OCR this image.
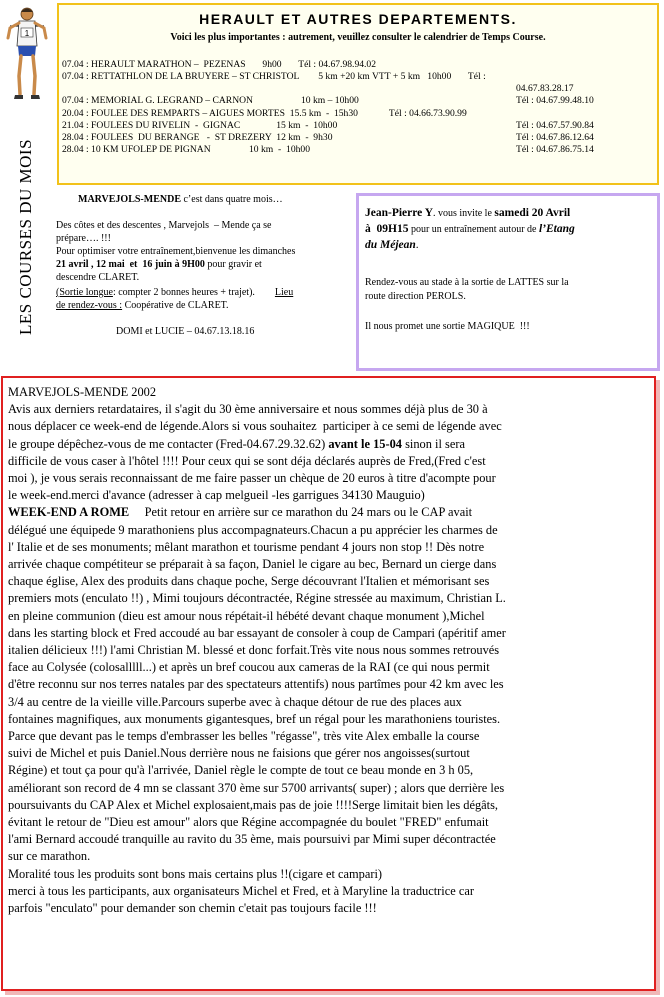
1
LES COURSES DU MOIS
HERAULT ET AUTRES DEPARTEMENTS.
Voici les plus importantes : autrement, veuillez consulter le calendrier de Temps Course.
07.04 : HERAULT MARATHON –  PEZENAS       9h00       Tél : 04.67.98.94.02
07.04 : RETTATHLON DE LA BRUYERE – ST CHRISTOL        5 km +20 km VTT + 5 km   10h00       Tél :
04.67.83.28.17
07.04 : MEMORIAL G. LEGRAND – CARNON                    10 km – 10h00	Tél : 04.67.99.48.10
20.04 : FOULEE DES REMPARTS – AIGUES MORTES  15.5 km  -  15h30             Tél : 04.66.73.90.99
21.04 : FOULEES DU RIVELIN  -  GIGNAC               15 km  -  10h00	Tél : 04.67.57.90.84
28.04 : FOULEES  DU BERANGE   -  ST DREZERY  12 km  -  9h30	Tél : 04.67.86.12.64
28.04 : 10 KM UFOLEP DE PIGNAN                10 km  -  10h00	Tél : 04.67.86.75.14
MARVEJOLS-MENDE c’est dans quatre mois…
Des côtes et des descentes , Marvejols  – Mende ça se
prépare…. !!!
Pour optimiser votre entraînement,bienvenue les dimanches
21 avril , 12 mai  et  16 juin à 9H00 pour gravir et
descendre CLARET.
(Sortie longue: compter 2 bonnes heures + trajet).        Lieu
de rendez-vous : Coopérative de CLARET.
DOMI et LUCIE – 04.67.13.18.16
Jean-Pierre Y. vous invite le samedi 20 Avril
à  09H15 pour un entraînement autour de l’Etang
du Méjean.
Rendez-vous au stade à la sortie de LATTES sur la
route direction PEROLS.
Il nous promet une sortie MAGIQUE  !!!
MARVEJOLS-MENDE 2002
Avis aux derniers retardataires, il s'agit du 30 ème anniversaire et nous sommes déjà plus de 30 à
nous déplacer ce week-end de légende.Alors si vous souhaitez  participer à ce semi de légende avec
le groupe dépêchez-vous de me contacter (Fred-04.67.29.32.62) avant le 15-04 sinon il sera
difficile de vous caser à l'hôtel !!!! Pour ceux qui se sont déja déclarés auprès de Fred,(Fred c'est
moi ), je vous serais reconnaissant de me faire passer un chèque de 20 euros à titre d'acompte pour
le week-end.merci d'avance (adresser à cap melgueil -les garrigues 34130 Mauguio)
WEEK-END A ROME     Petit retour en arrière sur ce marathon du 24 mars ou le CAP avait
délégué une équipede 9 marathoniens plus accompagnateurs.Chacun a pu apprécier les charmes de
l' Italie et de ses monuments; mêlant marathon et tourisme pendant 4 jours non stop !! Dès notre
arrivée chaque compétiteur se préparait à sa façon, Daniel le cigare au bec, Bernard un cierge dans
chaque église, Alex des produits dans chaque poche, Serge découvrant l'Italien et mémorisant ses
premiers mots (enculato !!) , Mimi toujours décontractée, Régine stressée au maximum, Christian L.
en pleine communion (dieu est amour nous répétait-il hébété devant chaque monument ),Michel
dans les starting block et Fred accoudé au bar essayant de consoler à coup de Campari (apéritif amer
italien délicieux !!!) l'ami Christian M. blessé et donc forfait.Très vite nous nous sommes retrouvés
face au Colysée (colosalllll...) et après un bref coucou aux cameras de la RAI (ce qui nous permit
d'être reconnu sur nos terres natales par des spectateurs attentifs) nous partîmes pour 42 km avec les
3/4 au centre de la vieille ville.Parcours superbe avec à chaque détour de rue des places aux
fontaines magnifiques, aux monuments gigantesques, bref un régal pour les marathoniens touristes.
Parce que devant pas le temps d'embrasser les belles "régasse", très vite Alex emballe la course
suivi de Michel et puis Daniel.Nous derrière nous ne faisions que gérer nos angoisses(surtout
Régine) et tout ça pour qu'à l'arrivée, Daniel règle le compte de tout ce beau monde en 3 h 05,
améliorant son record de 4 mn se classant 370 ème sur 5700 arrivants( super) ; alors que derrière les
poursuivants du CAP Alex et Michel explosaient,mais pas de joie !!!!Serge limitait bien les dégâts,
évitant le retour de "Dieu est amour" alors que Régine accompagnée du boulet "FRED" enfumait
l'ami Bernard accoudé tranquille au ravito du 35 ème, mais poursuivi par Mimi super décontractée
sur ce marathon.
Moralité tous les produits sont bons mais certains plus !!(cigare et campari)
merci à tous les participants, aux organisateurs Michel et Fred, et à Maryline la traductrice car
parfois "enculato" pour demander son chemin c'etait pas toujours facile !!!
